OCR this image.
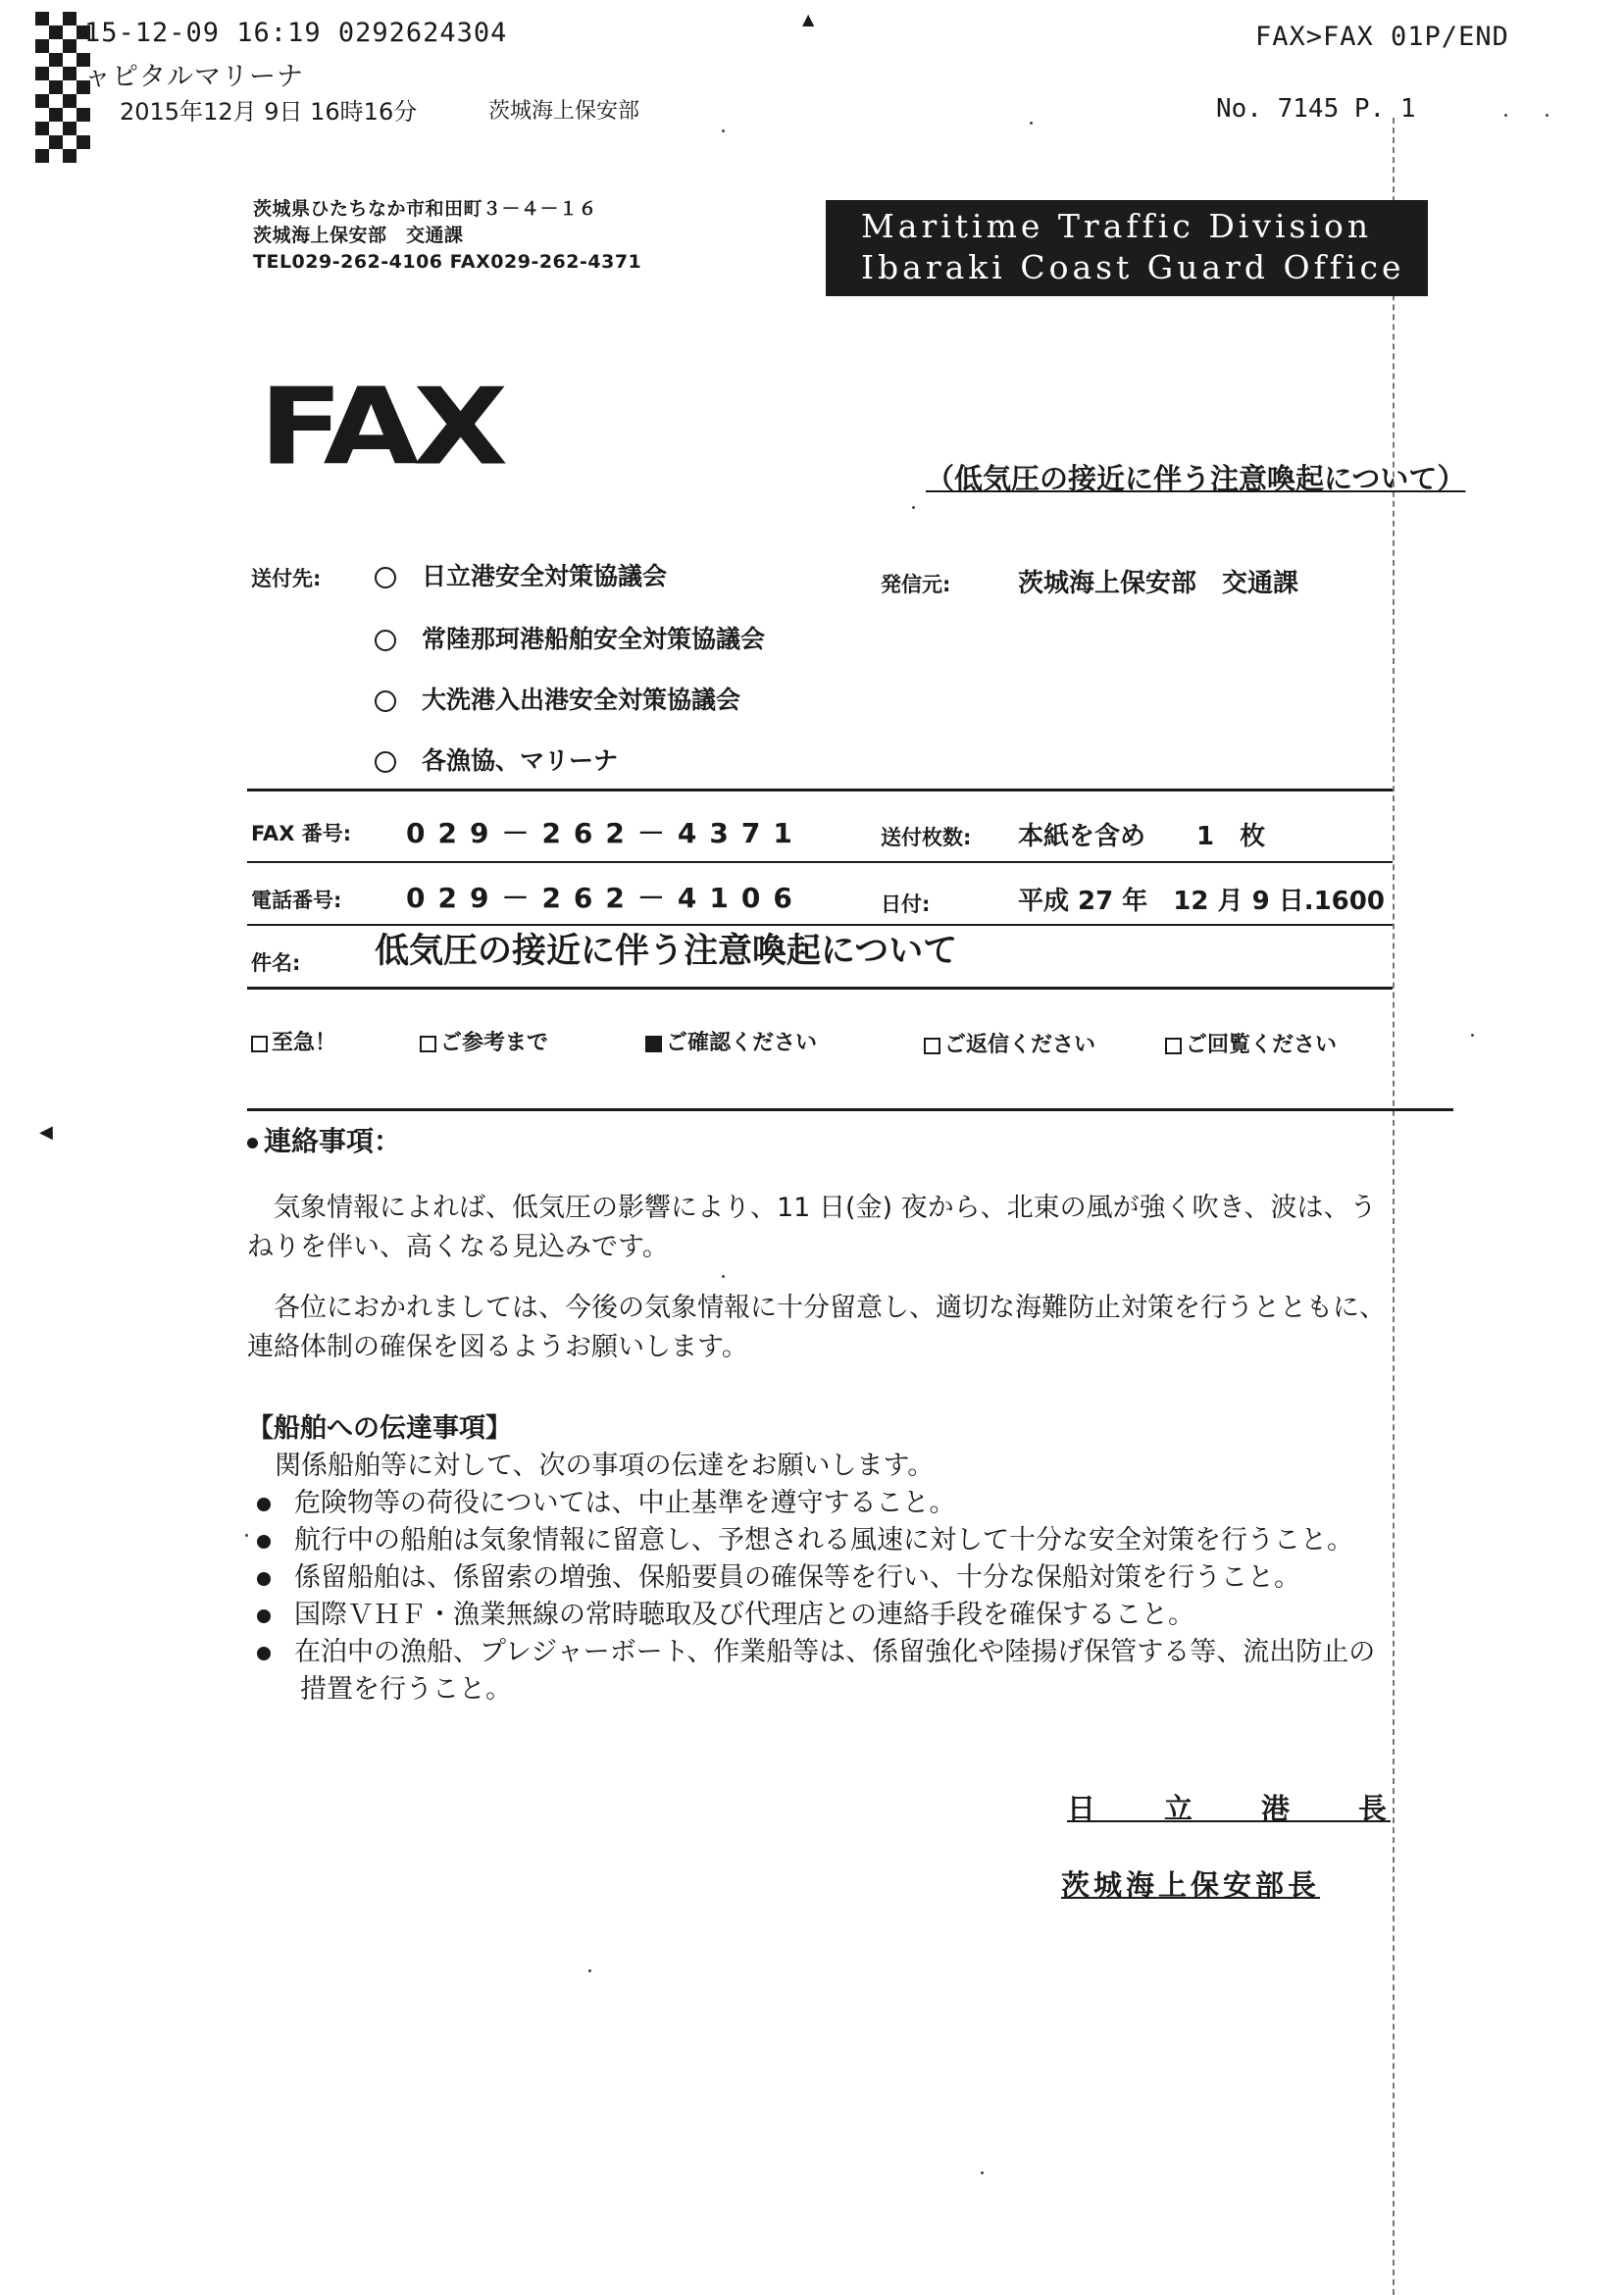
15-12-09 16:19 0292624304
ャピタルマリーナ
2015年12月 9日 16時16分	茨城海上保安部
FAX>FAX 01P/END
No. 7145 P. 1
茨城県ひたちなか市和田町３－４－１６
茨城海上保安部　交通課
TEL029-262-4106 FAX029-262-4371
Maritime Traffic Division
Ibaraki Coast Guard Office
FAX	（低気圧の接近に伴う注意喚起について）
送付先:	日立港安全対策協議会
常陸那珂港船舶安全対策協議会
大洗港入出港安全対策協議会
各漁協、マリーナ
発信元:	茨城海上保安部　交通課
FAX 番号: 029－262－4371	送付枚数: 本紙を含め　　1　枚
電話番号: 029－262－4106	日付:	平成 27 年　12 月 9 日.1600
件名: 低気圧の接近に伴う注意喚起について
至急！	ご参考まで	ご確認ください	ご返信ください	ご回覧ください
◀
▲
連絡事項：
気象情報によれば、低気圧の影響により、11 日(金) 夜から、北東の風が強く吹き、波は、う
ねりを伴い、高くなる見込みです。
各位におかれましては、今後の気象情報に十分留意し、適切な海難防止対策を行うとともに、
連絡体制の確保を図るようお願いします。
【船舶への伝達事項】
関係船舶等に対して、次の事項の伝達をお願いします。
危険物等の荷役については、中止基準を遵守すること。
航行中の船舶は気象情報に留意し、予想される風速に対して十分な安全対策を行うこと。
係留船舶は、係留索の増強、保船要員の確保等を行い、十分な保船対策を行うこと。
国際ＶＨＦ・漁業無線の常時聴取及び代理店との連絡手段を確保すること。
在泊中の漁船、プレジャーボート、作業船等は、係留強化や陸揚げ保管する等、流出防止の
措置を行うこと。
日　　立　　港　　長
茨城海上保安部長
